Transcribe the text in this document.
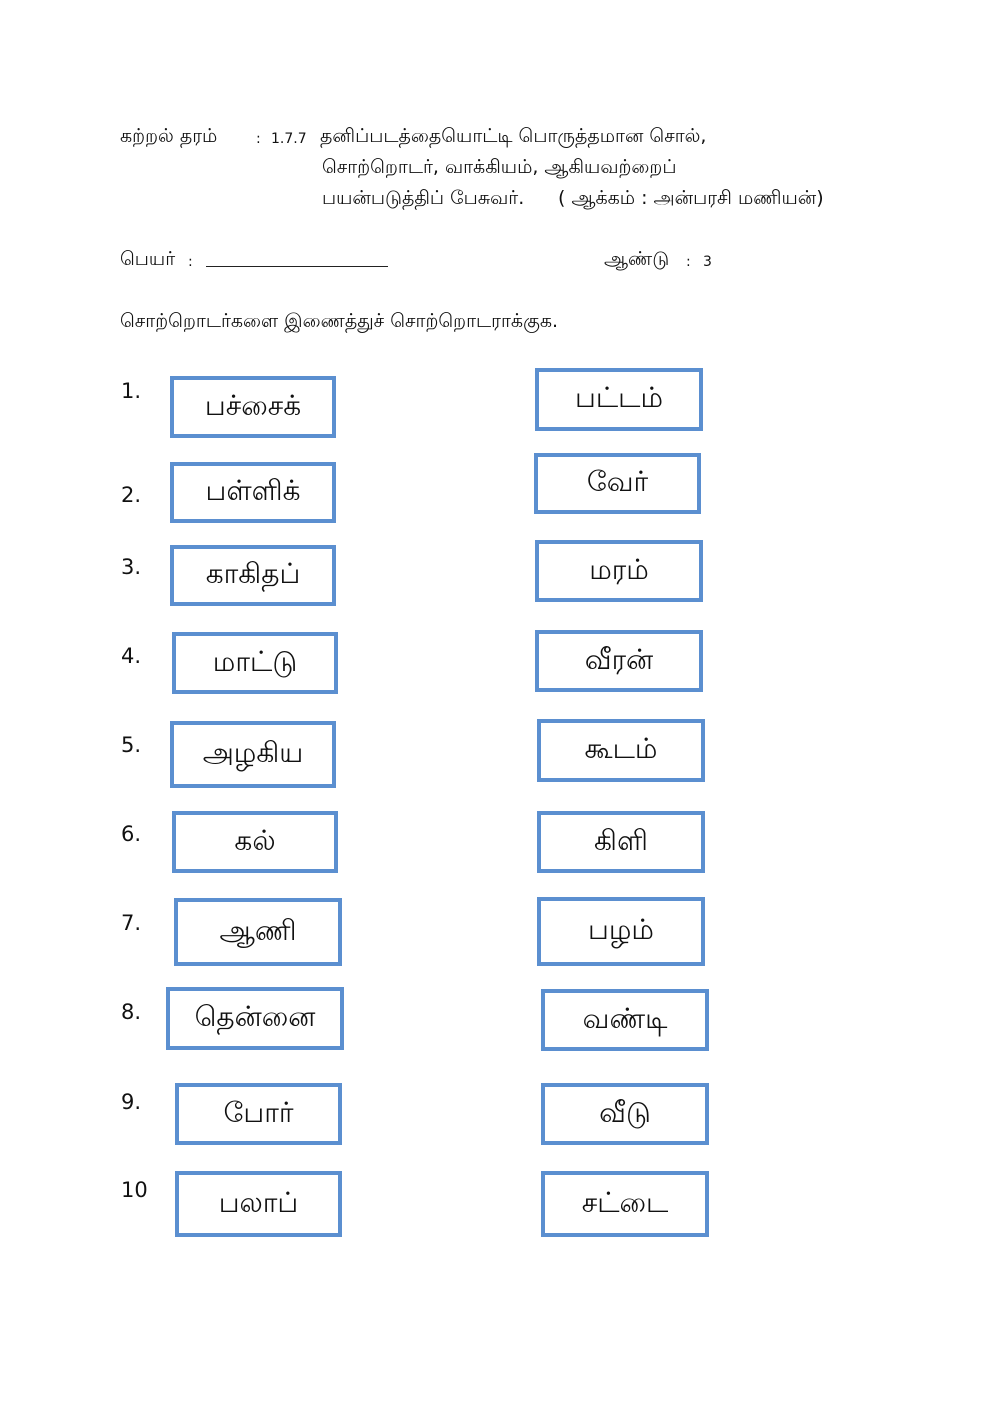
கற்றல் தரம்	: 1.7.7 தனிப்படத்தையொட்டி பொருத்தமான சொல்,
சொற்றொடர், வாக்கியம், ஆகியவற்றைப்
பயன்படுத்திப் பேசுவர். ( ஆக்கம் : அன்பரசி மணியன்)
பெயர் :	ஆண்டு : 3
சொற்றொடர்களை இணைத்துச் சொற்றொடராக்குக.
1.	பச்சைக்	பட்டம்
2.	பள்ளிக்	வேர்
3.	காகிதப்	மரம்
4.	மாட்டு	வீரன்
5.	அழகிய	கூடம்
6.	கல்	கிளி
7.	ஆணி	பழம்
8.	தென்னை	வண்டி
9.	போர்	வீடு
10	பலாப்	சட்டை
